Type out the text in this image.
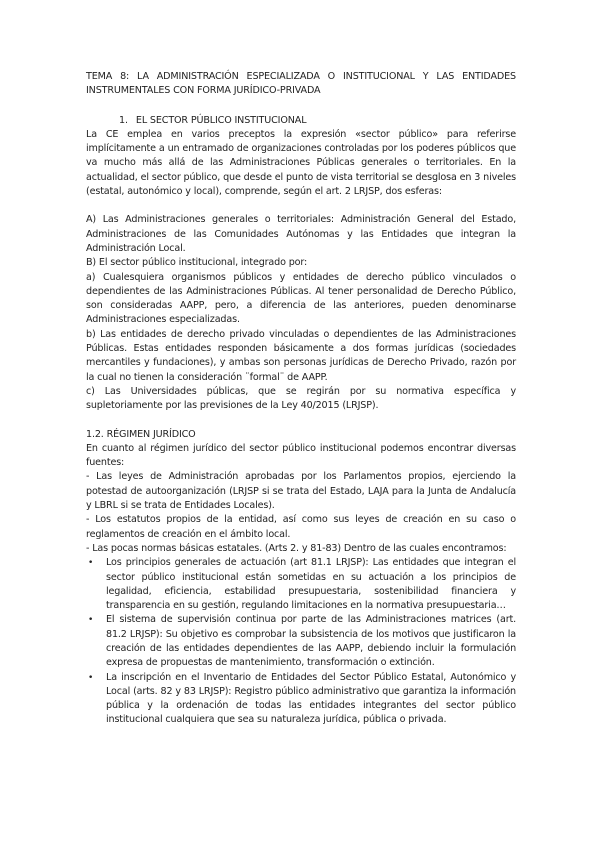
TEMA 8: LA ADMINISTRACIÓN ESPECIALIZADA O INSTITUCIONAL Y LAS ENTIDADES INSTRUMENTALES CON FORMA JURÍDICO-PRIVADA

1. EL SECTOR PÚBLICO INSTITUCIONAL

La CE emplea en varios preceptos la expresión «sector público» para referirse implícitamente a un entramado de organizaciones controladas por los poderes públicos que va mucho más allá de las Administraciones Públicas generales o territoriales. En la actualidad, el sector público, que desde el punto de vista territorial se desglosa en 3 niveles (estatal, autonómico y local), comprende, según el art. 2 LRJSP, dos esferas:

A) Las Administraciones generales o territoriales: Administración General del Estado, Administraciones de las Comunidades Autónomas y las Entidades que integran la Administración Local.

B) El sector público institucional, integrado por:

a) Cualesquiera organismos públicos y entidades de derecho público vinculados o dependientes de las Administraciones Públicas. Al tener personalidad de Derecho Público, son consideradas AAPP, pero, a diferencia de las anteriores, pueden denominarse Administraciones especializadas.

b) Las entidades de derecho privado vinculadas o dependientes de las Administraciones Públicas. Estas entidades responden básicamente a dos formas jurídicas (sociedades mercantiles y fundaciones), y ambas son personas jurídicas de Derecho Privado, razón por la cual no tienen la consideración ¨formal¨ de AAPP.

c) Las Universidades públicas, que se regirán por su normativa específica y supletoriamente por las previsiones de la Ley 40/2015 (LRJSP).

1.2. RÉGIMEN JURÍDICO

En cuanto al régimen jurídico del sector público institucional podemos encontrar diversas fuentes:

- Las leyes de Administración aprobadas por los Parlamentos propios, ejerciendo la potestad de autoorganización (LRJSP si se trata del Estado, LAJA para la Junta de Andalucía y LBRL si se trata de Entidades Locales).

- Los estatutos propios de la entidad, así como sus leyes de creación en su caso o reglamentos de creación en el ámbito local.

- Las pocas normas básicas estatales. (Arts 2. y 81-83) Dentro de las cuales encontramos:

• Los principios generales de actuación (art 81.1 LRJSP): Las entidades que integran el sector público institucional están sometidas en su actuación a los principios de legalidad, eficiencia, estabilidad presupuestaria, sostenibilidad financiera y transparencia en su gestión, regulando limitaciones en la normativa presupuestaria…
• El sistema de supervisión continua por parte de las Administraciones matrices (art. 81.2 LRJSP): Su objetivo es comprobar la subsistencia de los motivos que justificaron la creación de las entidades dependientes de las AAPP, debiendo incluir la formulación expresa de propuestas de mantenimiento, transformación o extinción.
• La inscripción en el Inventario de Entidades del Sector Público Estatal, Autonómico y Local (arts. 82 y 83 LRJSP): Registro público administrativo que garantiza la información pública y la ordenación de todas las entidades integrantes del sector público institucional cualquiera que sea su naturaleza jurídica, pública o privada.
